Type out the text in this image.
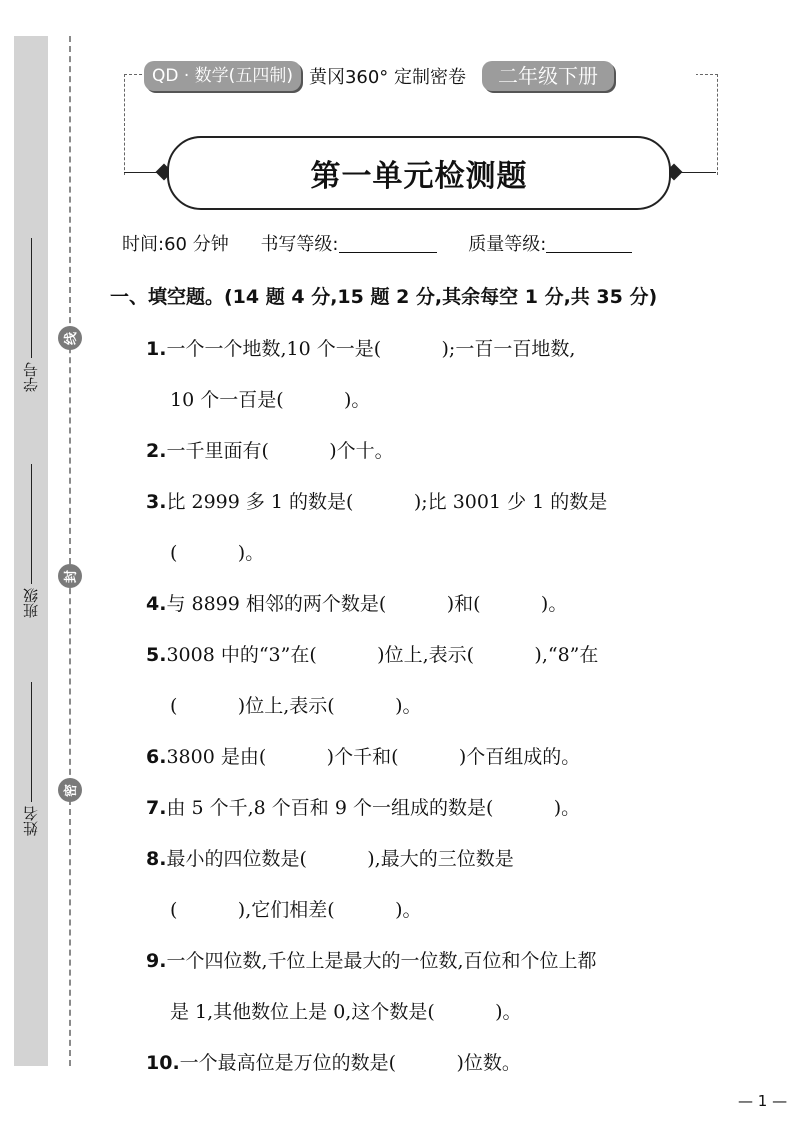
学号
班级
姓名
线
封
密
QD · 数学(五四制) 黄冈360° 定制密卷	二年级下册
第一单元检测题
时间:60 分钟 书写等级:	质量等级:
一、填空题。(14 题 4 分,15 题 2 分,其余每空 1 分,共 35 分)
1.一个一个地数,10 个一是(          );一百一百地数,
10 个一百是(          )。
2.一千里面有(          )个十。
3.比 2999 多 1 的数是(          );比 3001 少 1 的数是
(          )。
4.与 8899 相邻的两个数是(          )和(          )。
5.3008 中的“3”在(          )位上,表示(          ),“8”在
(          )位上,表示(          )。
6.3800 是由(          )个千和(          )个百组成的。
7.由 5 个千,8 个百和 9 个一组成的数是(          )。
8.最小的四位数是(          ),最大的三位数是
(          ),它们相差(          )。
9.一个四位数,千位上是最大的一位数,百位和个位上都
是 1,其他数位上是 0,这个数是(          )。
10.一个最高位是万位的数是(          )位数。
— 1 —
